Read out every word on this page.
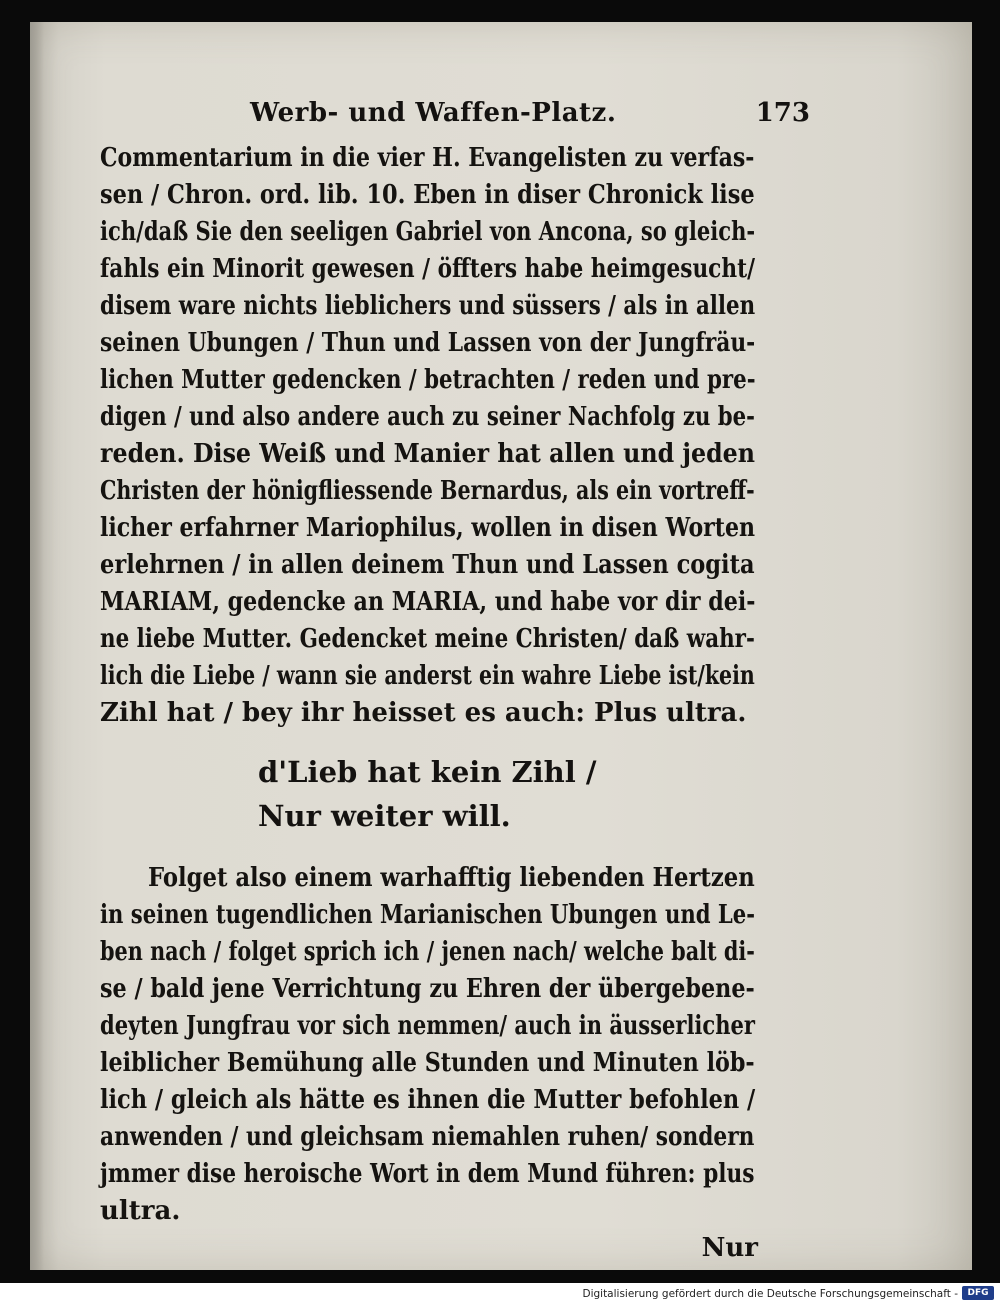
Werb- und Waffen-Platz.	173
Commentarium in die vier H. Evangelisten zu verfas-
sen / Chron. ord. lib. 10. Eben in diser Chronick lise
ich/daß Sie den seeligen Gabriel von Ancona, so gleich-
fahls ein Minorit gewesen / öffters habe heimgesucht/
disem ware nichts lieblichers und süssers / als in allen
seinen Ubungen / Thun und Lassen von der Jungfräu-
lichen Mutter gedencken / betrachten / reden und pre-
digen / und also andere auch zu seiner Nachfolg zu be-
reden. Dise Weiß und Manier hat allen und jeden
Christen der hönigfliessende Bernardus, als ein vortreff-
licher erfahrner Mariophilus, wollen in disen Worten
erlehrnen / in allen deinem Thun und Lassen cogita
MARIAM, gedencke an MARIA, und habe vor dir dei-
ne liebe Mutter. Gedencket meine Christen/ daß wahr-
lich die Liebe / wann sie anderst ein wahre Liebe ist/kein
Zihl hat / bey ihr heisset es auch: Plus ultra.
d'Lieb hat kein Zihl /
Nur weiter will.
Folget also einem warhafftig liebenden Hertzen
in seinen tugendlichen Marianischen Ubungen und Le-
ben nach / folget sprich ich / jenen nach/ welche balt di-
se / bald jene Verrichtung zu Ehren der übergebene-
deyten Jungfrau vor sich nemmen/ auch in äusserlicher
leiblicher Bemühung alle Stunden und Minuten löb-
lich / gleich als hätte es ihnen die Mutter befohlen /
anwenden / und gleichsam niemahlen ruhen/ sondern
jmmer dise heroische Wort in dem Mund führen: plus
ultra.
Nur
Digitalisierung gefördert durch die Deutsche Forschungsgemeinschaft -	DFG
